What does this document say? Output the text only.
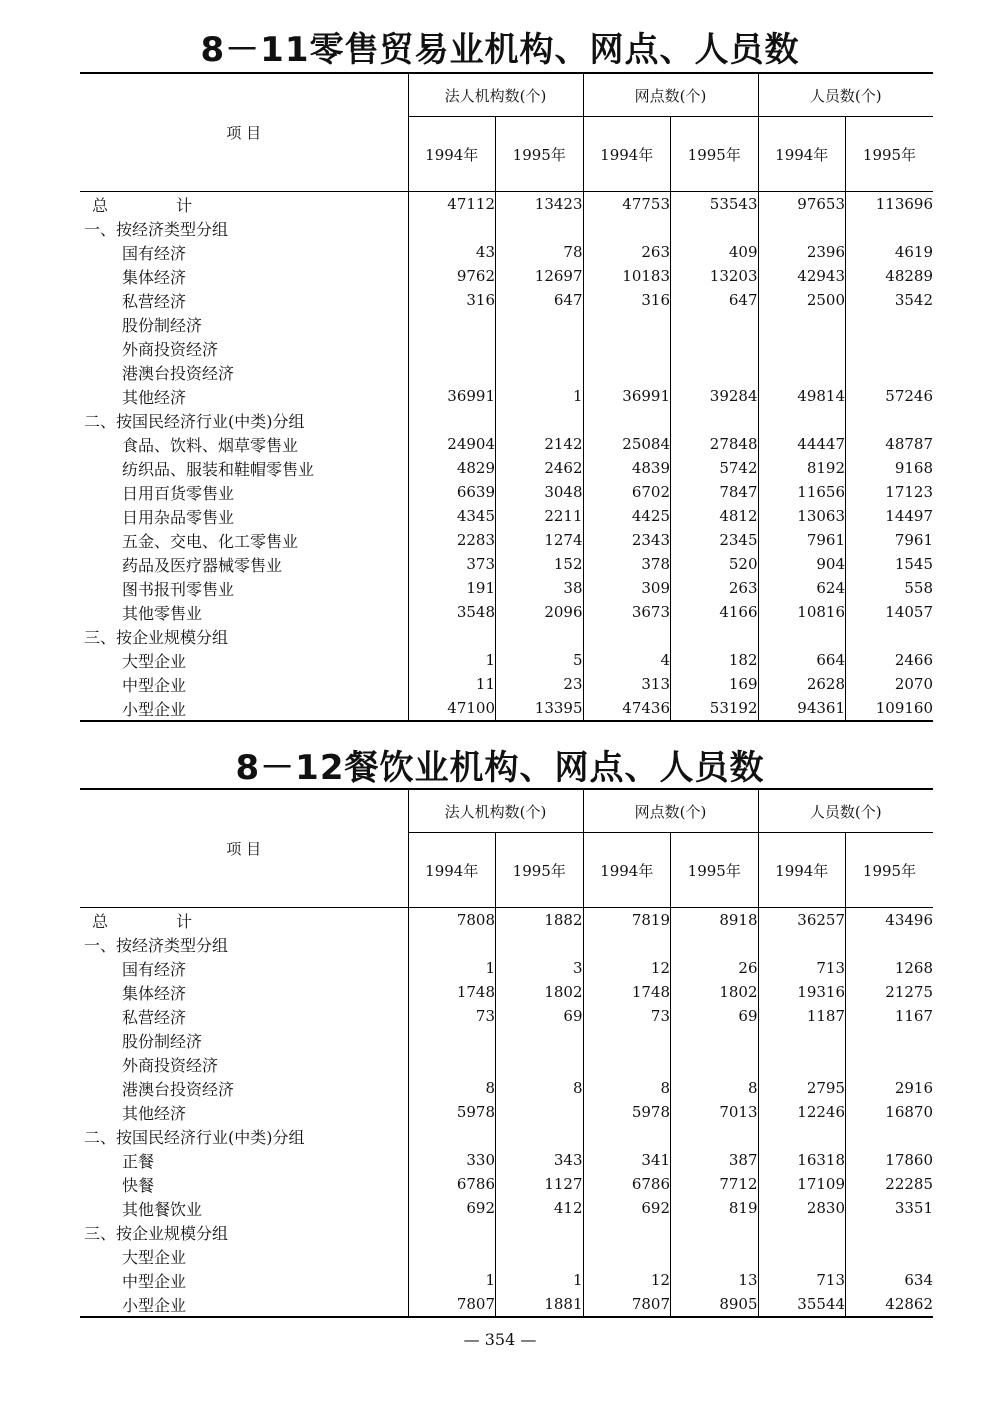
8－11零售贸易业机构、网点、人员数
项 目	法人机构数(个)		网点数(个)		人员数(个)	
	1994年	1995年	1994年	1995年	1994年	1995年

总 计	47112	13423	47753	53543	97653	113696
一、按经济类型分组						
国有经济	43	78	263	409	2396	4619
集体经济	9762	12697	10183	13203	42943	48289
私营经济	316	647	316	647	2500	3542
股份制经济						
外商投资经济						
港澳台投资经济						
其他经济	36991	1	36991	39284	49814	57246
二、按国民经济行业(中类)分组						
食品、饮料、烟草零售业	24904	2142	25084	27848	44447	48787
纺织品、服装和鞋帽零售业	4829	2462	4839	5742	8192	9168
日用百货零售业	6639	3048	6702	7847	11656	17123
日用杂品零售业	4345	2211	4425	4812	13063	14497
五金、交电、化工零售业	2283	1274	2343	2345	7961	7961
药品及医疗器械零售业	373	152	378	520	904	1545
图书报刊零售业	191	38	309	263	624	558
其他零售业	3548	2096	3673	4166	10816	14057
三、按企业规模分组						
大型企业	1	5	4	182	664	2466
中型企业	11	23	313	169	2628	2070
小型企业	47100	13395	47436	53192	94361	109160
8－12餐饮业机构、网点、人员数
项 目	法人机构数(个)		网点数(个)		人员数(个)	
	1994年	1995年	1994年	1995年	1994年	1995年

总 计	7808	1882	7819	8918	36257	43496
一、按经济类型分组						
国有经济	1	3	12	26	713	1268
集体经济	1748	1802	1748	1802	19316	21275
私营经济	73	69	73	69	1187	1167
股份制经济						
外商投资经济						
港澳台投资经济	8	8	8	8	2795	2916
其他经济	5978		5978	7013	12246	16870
二、按国民经济行业(中类)分组						
正餐	330	343	341	387	16318	17860
快餐	6786	1127	6786	7712	17109	22285
其他餐饮业	692	412	692	819	2830	3351
三、按企业规模分组						
大型企业						
中型企业	1	1	12	13	713	634
小型企业	7807	1881	7807	8905	35544	42862
— 354 —
